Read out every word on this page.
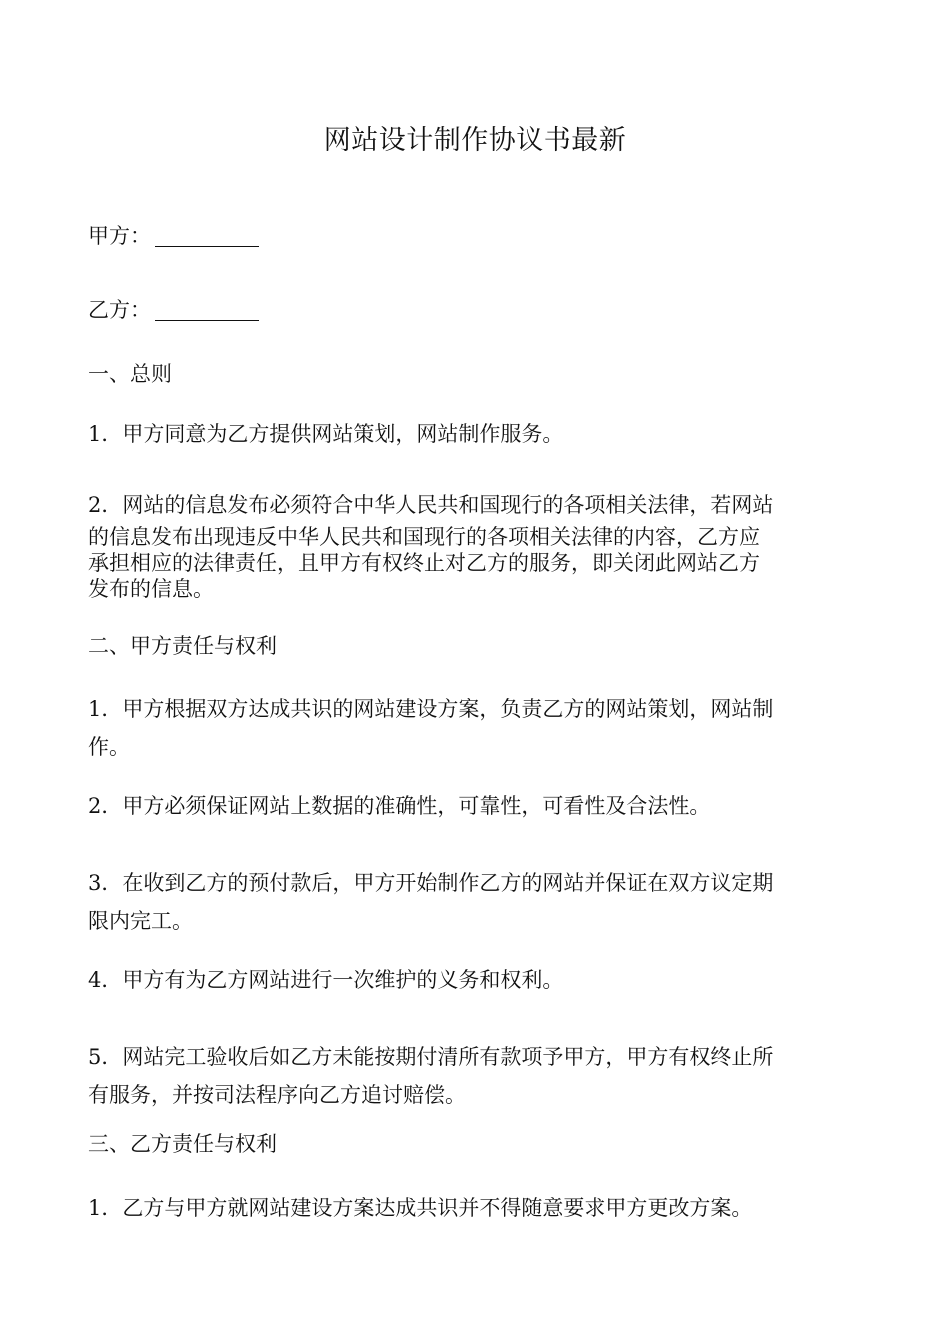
网站设计制作协议书最新
甲方：
乙方：
一、总则
1．甲方同意为乙方提供网站策划，网站制作服务。
2．网站的信息发布必须符合中华人民共和国现行的各项相关法律，若网站
的信息发布出现违反中华人民共和国现行的各项相关法律的内容，乙方应
承担相应的法律责任，且甲方有权终止对乙方的服务，即关闭此网站乙方
发布的信息。
二、甲方责任与权利
1．甲方根据双方达成共识的网站建设方案，负责乙方的网站策划，网站制
作。
2．甲方必须保证网站上数据的准确性，可靠性，可看性及合法性。
3．在收到乙方的预付款后，甲方开始制作乙方的网站并保证在双方议定期
限内完工。
4．甲方有为乙方网站进行一次维护的义务和权利。
5．网站完工验收后如乙方未能按期付清所有款项予甲方，甲方有权终止所
有服务，并按司法程序向乙方追讨赔偿。
三、乙方责任与权利
1．乙方与甲方就网站建设方案达成共识并不得随意要求甲方更改方案。
